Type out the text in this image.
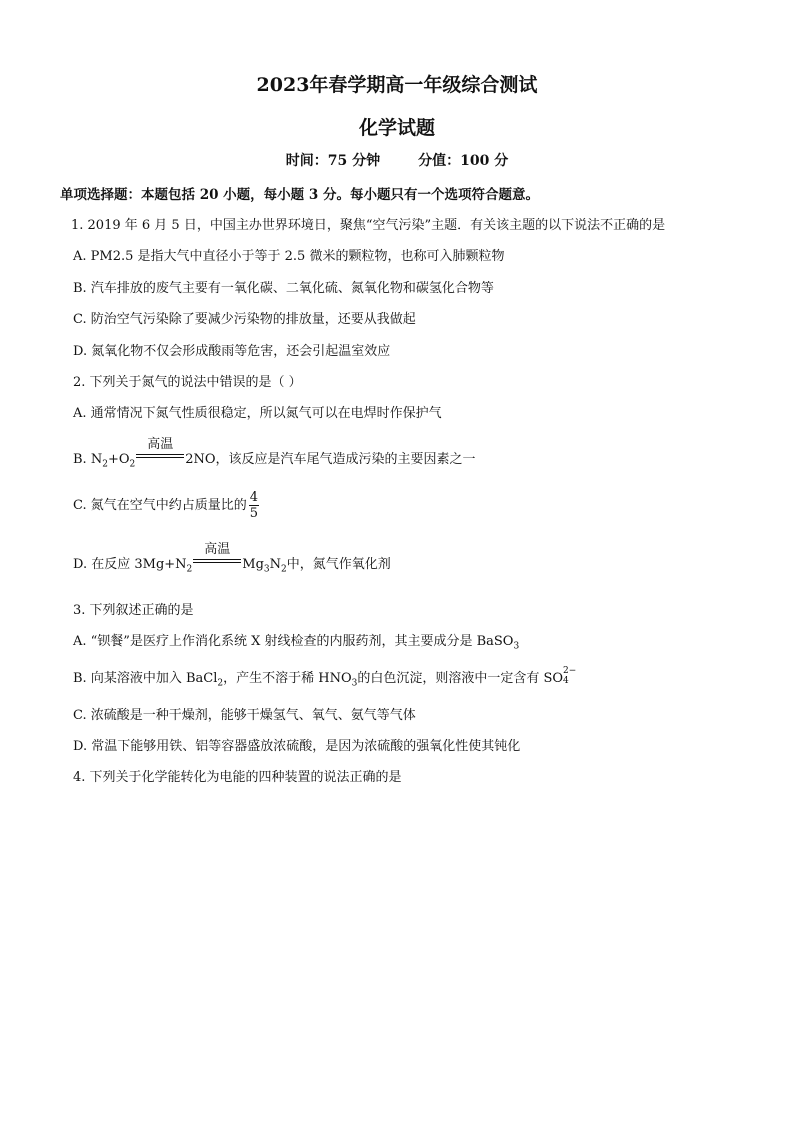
2023年春学期高一年级综合测试
化学试题
时间：75 分钟	分值：100 分
单项选择题：本题包括 20 小题，每小题 3 分。每小题只有一个选项符合题意。
1. 2019 年 6 月 5 日，中国主办世界环境日，聚焦“空气污染”主题．有关该主题的以下说法不正确的是
A. PM2.5 是指大气中直径小于等于 2.5 微米的颗粒物，也称可入肺颗粒物
B. 汽车排放的废气主要有一氧化碳、二氧化硫、氮氧化物和碳氢化合物等
C. 防治空气污染除了要减少污染物的排放量，还要从我做起
D. 氮氧化物不仅会形成酸雨等危害，还会引起温室效应
2. 下列关于氮气的说法中错误的是（ ）
A. 通常情况下氮气性质很稳定，所以氮气可以在电焊时作保护气
B. $N_2+O_2$
高温
2NO，该反应是汽车尾气造成污染的主要因素之一
C. 氮气在空气中约占质量比的 $\frac{4}{5}$
D. 在反应 $3Mg+N_2$
高温
$Mg_3N_2$中，氮气作氧化剂
3. 下列叙述正确的是
A. “钡餐”是医疗上作消化系统 X 射线检查的内服药剂，其主要成分是 BaSO$_3$
B. 向某溶液中加入 BaCl$_2$，产生不溶于稀 $HNO_3$的白色沉淀，则溶液中一定含有 SO 2−
4
C. 浓硫酸是一种干燥剂，能够干燥氢气、氧气、氨气等气体
D. 常温下能够用铁、铝等容器盛放浓硫酸，是因为浓硫酸的强氧化性使其钝化
4. 下列关于化学能转化为电能的四种装置的说法正确的是
